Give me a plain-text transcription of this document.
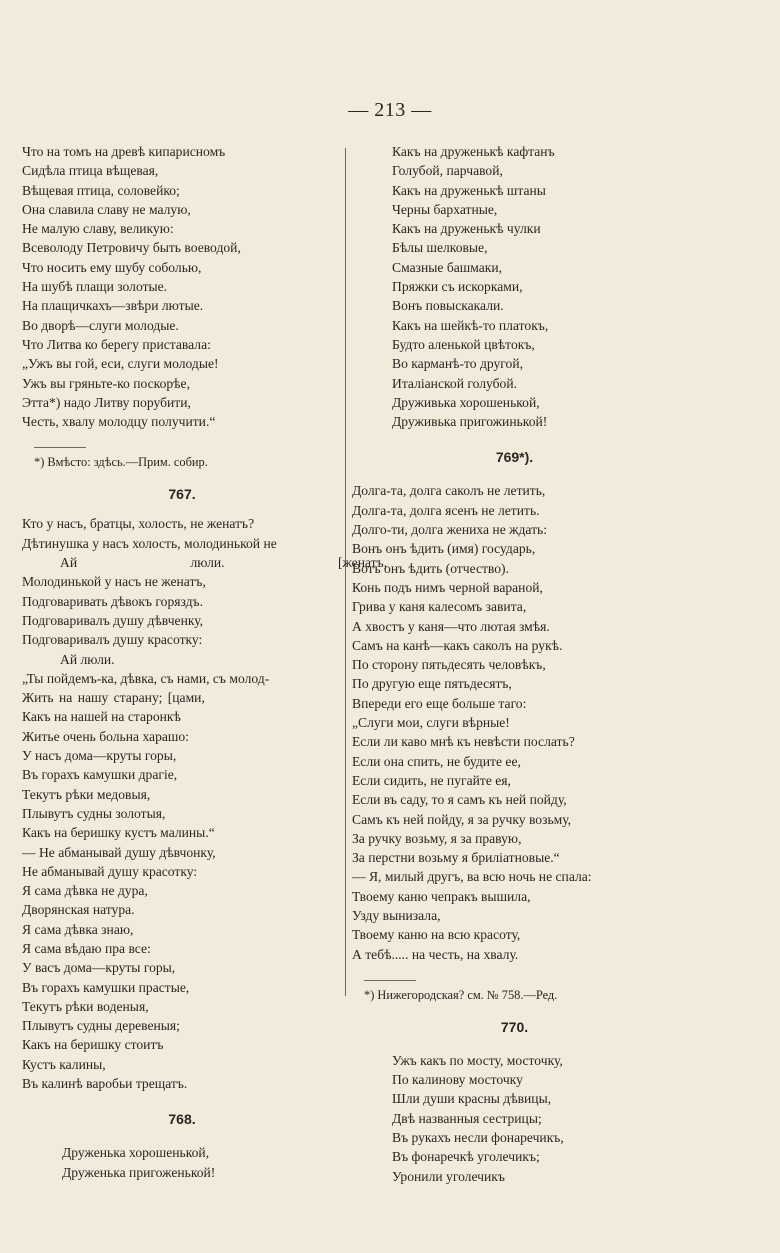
— 213 —
Что на томъ на древѣ кипарисномъ
Сидѣла птица вѣщевая,
Вѣщевая птица, соловейко;
Она славила славу не малую,
Не малую славу, великую:
Всеволоду Петровичу быть воеводой,
Что носить ему шубу соболью,
На шубѣ плащи золотые.
На плащичкахъ—звѣри лютые.
Во дворѣ—слуги молодые.
Что Литва ко берегу приставала:
„Ужъ вы гой, еси, слуги молодые!
Ужъ вы гряньте-ко поскорѣе,
Этта*) надо Литву порубити,
Честь, хвалу молодцу получити.“
*) Вмѣсто: здѣсь.—Прим. собир.
767.
Кто у насъ, братцы, холость, не женатъ?
Дѣтинушка у насъ холость, молодинькой не
Ай люли. [женатъ,
Молодинькой у насъ не женатъ,
Подговаривать дѣвокъ горяздъ.
Подговаривалъ душу дѣвченку,
Подговаривалъ душу красотку:
Ай люли.
„Ты пойдемъ-ка, дѣвка, съ нами, съ молод-
Жить на нашу старану; [цами,
Какъ на нашей на старонкѣ
Житье очень больна харашо:
У насъ дома—круты горы,
Въ горахъ камушки драгіе,
Текутъ рѣки медовыя,
Плывутъ судны золотыя,
Какъ на беришку кустъ малины.“
— Не абманывай душу дѣвчонку,
Не абманывай душу красотку:
Я сама дѣвка не дура,
Дворянская натура.
Я сама дѣвка знаю,
Я сама вѣдаю пра все:
У васъ дома—круты горы,
Въ горахъ камушки прастые,
Текутъ рѣки воденыя,
Плывутъ судны деревеныя;
Какъ на беришку стоитъ
Кустъ калины,
Въ калинѣ варобьи трещатъ.
768.
Друженька хорошенькой,
Друженька пригоженькой!
Какъ на друженькѣ кафтанъ
Голубой, парчавой,
Какъ на друженькѣ штаны
Черны бархатные,
Какъ на друженькѣ чулки
Бѣлы шелковые,
Смазные башмаки,
Пряжки съ искорками,
Вонъ повыскакали.
Какъ на шейкѣ-то платокъ,
Будто аленькой цвѣтокъ,
Во карманѣ-то другой,
Италіанской голубой.
Друживька хорошенькой,
Друживька пригожинькой!
769*).
Долга-та, долга саколъ не летить,
Долга-та, долга ясенъ не летить.
Долго-ти, долга жениха не ждать:
Вонъ онъ ѣдить (имя) государь,
Вотъ онъ ѣдить (отчество).
Конь подъ нимъ черной вараной,
Грива у каня калесомъ завита,
А хвостъ у каня—что лютая змѣя.
Самъ на канѣ—какъ саколъ на рукѣ.
По сторону пятьдесять человѣкъ,
По другую еще пятьдесятъ,
Впереди его еще больше таго:
„Слуги мои, слуги вѣрные!
Если ли каво мнѣ къ невѣсти послать?
Если она спить, не будите ее,
Если сидить, не пугайте ея,
Если въ саду, то я самъ къ ней пойду,
Самъ къ ней пойду, я за ручку возьму,
За ручку возьму, я за правую,
За перстни возьму я бриліатновые.“
— Я, милый другъ, ва всю ночь не спала:
Твоему каню чепракъ вышила,
Узду вынизала,
Твоему каню на всю красоту,
А тебѣ..... на честь, на хвалу.
*) Нижегородская? см. № 758.—Ред.
770.
Ужъ какъ по мосту, мосточку,
По калинову мосточку
Шли души красны дѣвицы,
Двѣ названныя сестрицы;
Въ рукахъ несли фонаречикъ,
Въ фонаречкѣ уголечикъ;
Уронили уголечикъ
